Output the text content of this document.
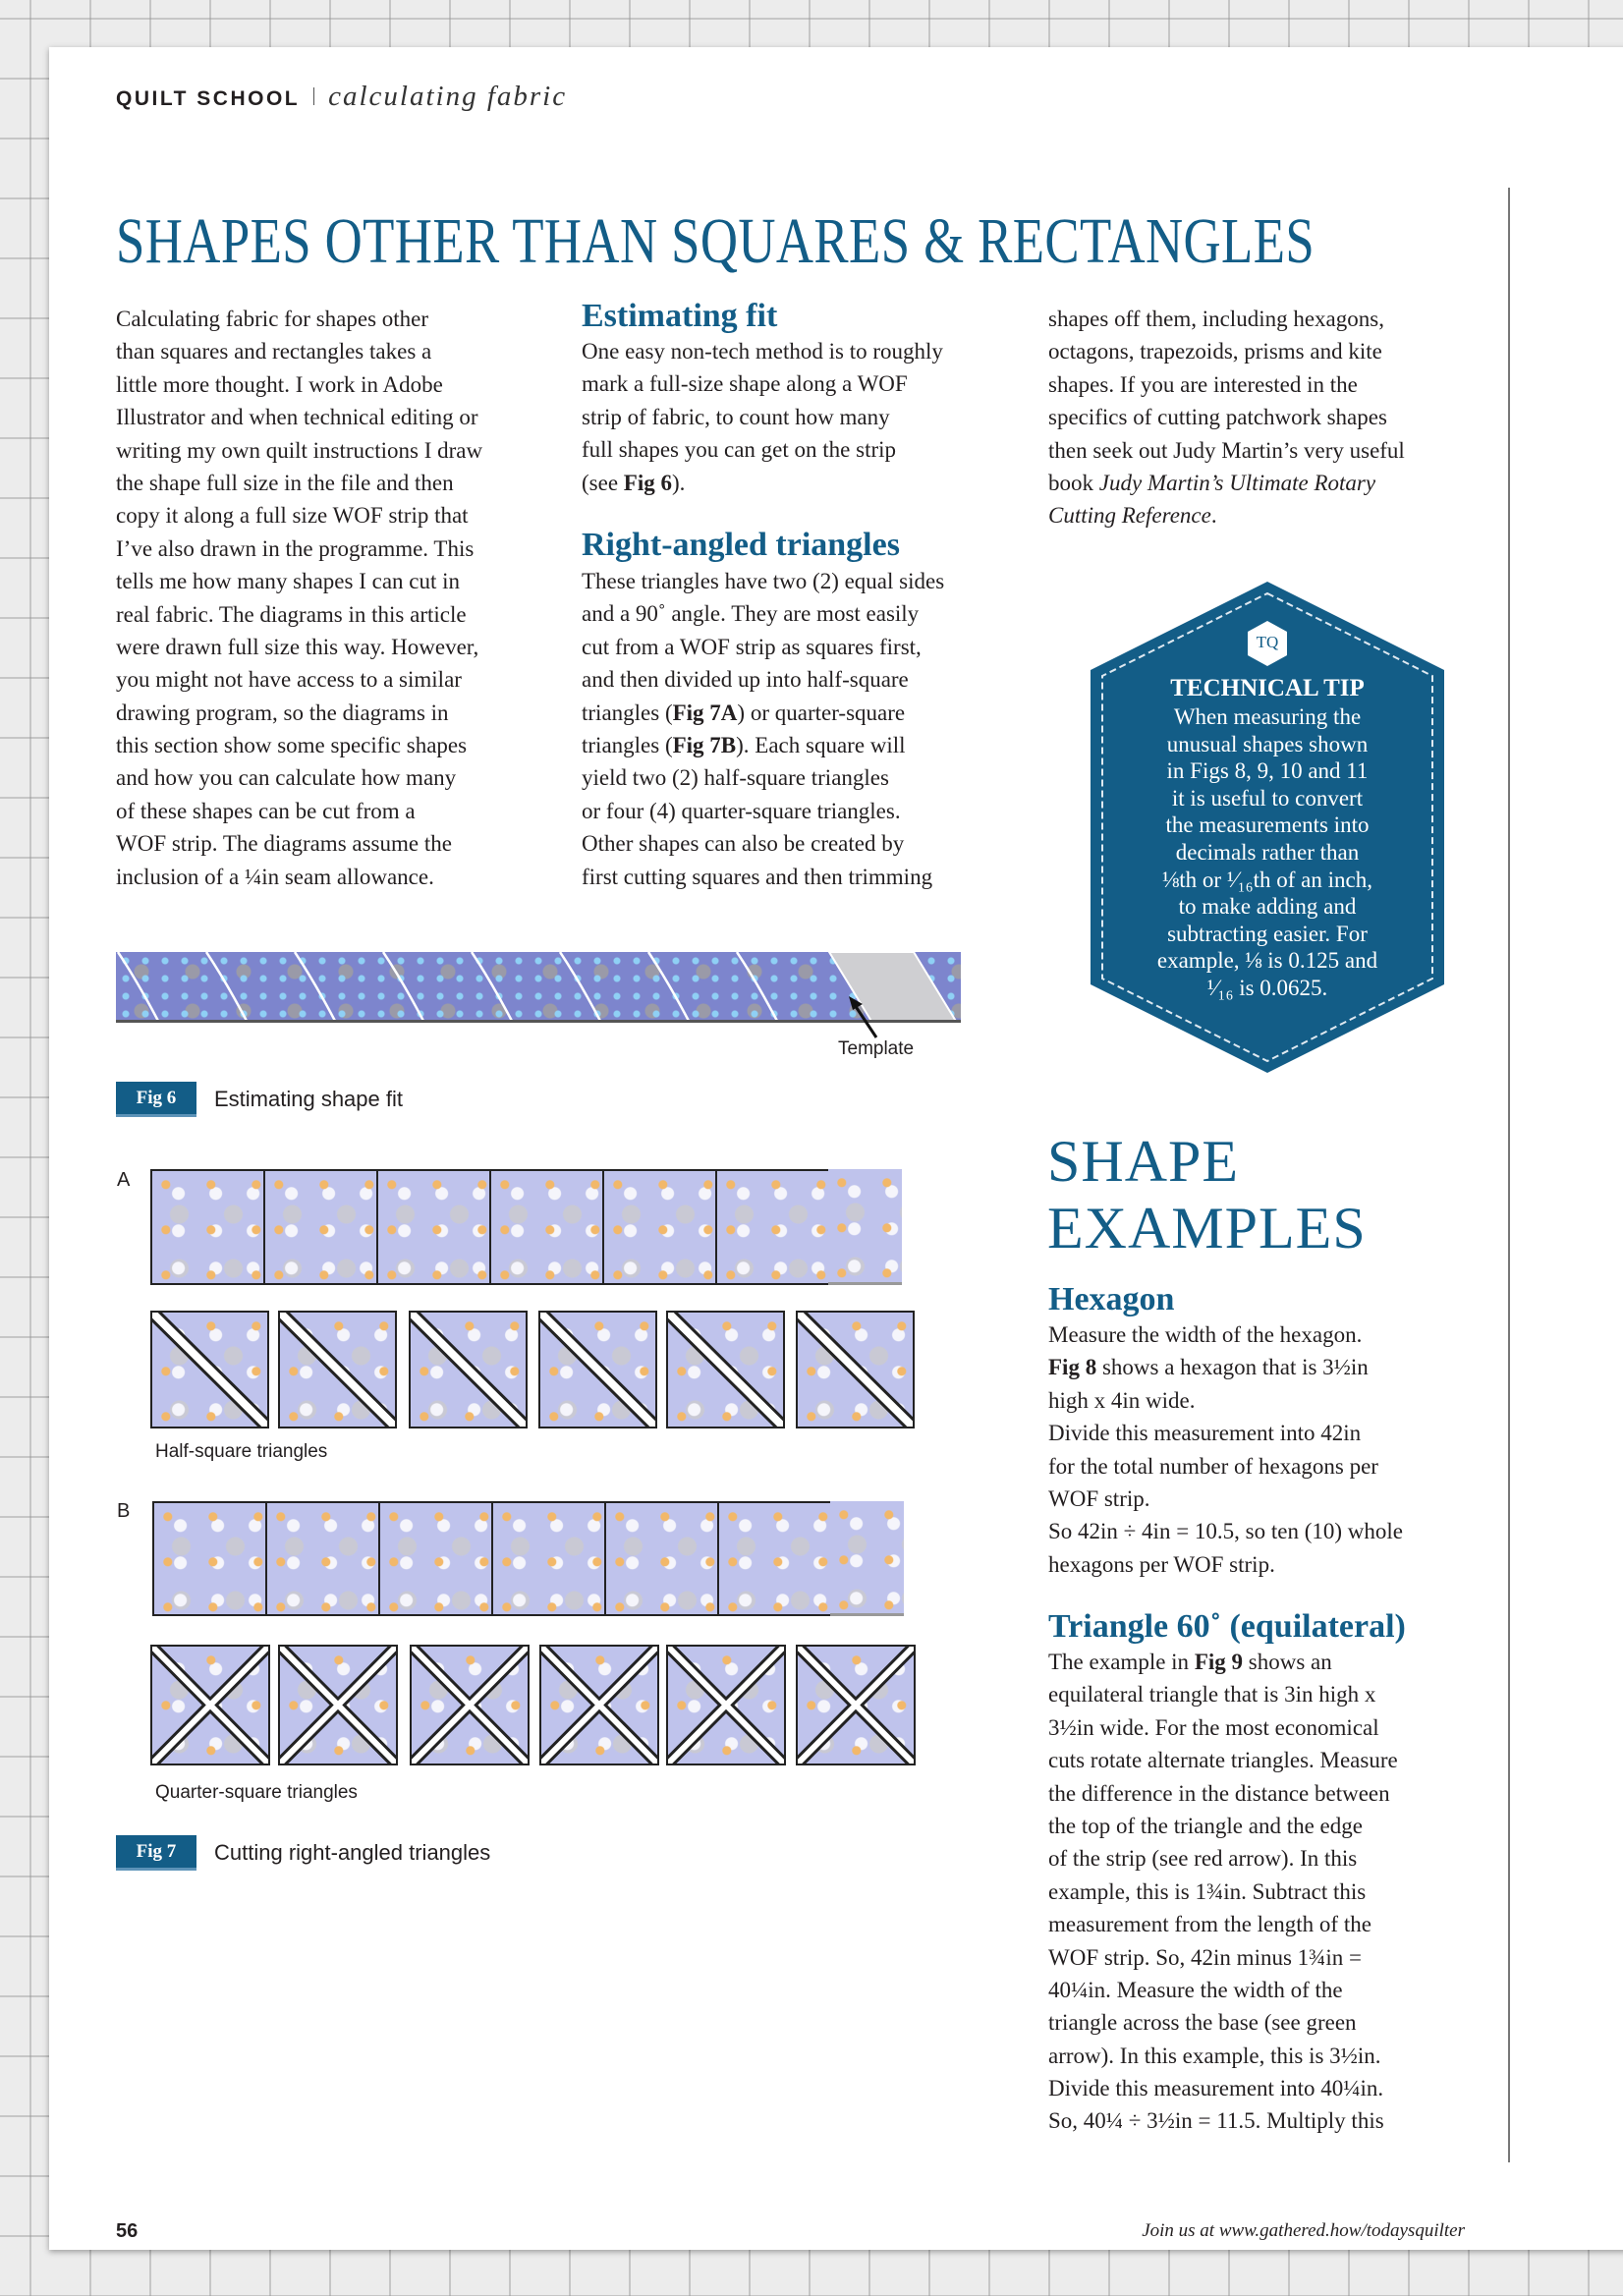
QUILT SCHOOL calculating fabric
SHAPES OTHER THAN SQUARES & RECTANGLES
Calculating fabric for shapes other
than squares and rectangles takes a
little more thought. I work in Adobe
Illustrator and when technical editing or
writing my own quilt instructions I draw
the shape full size in the file and then
copy it along a full size WOF strip that
I’ve also drawn in the programme. This
tells me how many shapes I can cut in
real fabric. The diagrams in this article
were drawn full size this way. However,
you might not have access to a similar
drawing program, so the diagrams in
this section show some specific shapes
and how you can calculate how many
of these shapes can be cut from a
WOF strip. The diagrams assume the
inclusion of a ¼in seam allowance.
Estimating fit
One easy non-tech method is to roughly
mark a full-size shape along a WOF
strip of fabric, to count how many
full shapes you can get on the strip
(see Fig 6).
Right-angled triangles
These triangles have two (2) equal sides
and a 90˚ angle. They are most easily
cut from a WOF strip as squares first,
and then divided up into half-square
triangles (Fig 7A) or quarter-square
triangles (Fig 7B). Each square will
yield two (2) half-square triangles
or four (4) quarter-square triangles.
Other shapes can also be created by
first cutting squares and then trimming
shapes off them, including hexagons,
octagons, trapezoids, prisms and kite
shapes. If you are interested in the
specifics of cutting patchwork shapes
then seek out Judy Martin’s very useful
book Judy Martin’s Ultimate Rotary
Cutting Reference.
TQ
TECHNICAL TIP
When measuring the
unusual shapes shown
in Figs 8, 9, 10 and 11
it is useful to convert
the measurements into
decimals rather than
⅛th or ¹⁄₁₆th of an inch,
to make adding and
subtracting easier. For
example, ⅛ is 0.125 and
¹⁄₁₆ is 0.0625.
Template
Fig 6	Estimating shape fit
A
Half-square triangles
B
Quarter-square triangles
Fig 7	Cutting right-angled triangles
SHAPE
EXAMPLES
Hexagon
Measure the width of the hexagon.
Fig 8 shows a hexagon that is 3½in
high x 4in wide.
Divide this measurement into 42in
for the total number of hexagons per
WOF strip.
So 42in ÷ 4in = 10.5, so ten (10) whole
hexagons per WOF strip.
Triangle 60˚ (equilateral)
The example in Fig 9 shows an
equilateral triangle that is 3in high x
3½in wide. For the most economical
cuts rotate alternate triangles. Measure
the difference in the distance between
the top of the triangle and the edge
of the strip (see red arrow). In this
example, this is 1¾in. Subtract this
measurement from the length of the
WOF strip. So, 42in minus 1¾in =
40¼in. Measure the width of the
triangle across the base (see green
arrow). In this example, this is 3½in.
Divide this measurement into 40¼in.
So, 40¼ ÷ 3½in = 11.5. Multiply this
56	Join us at www.gathered.how/todaysquilter
